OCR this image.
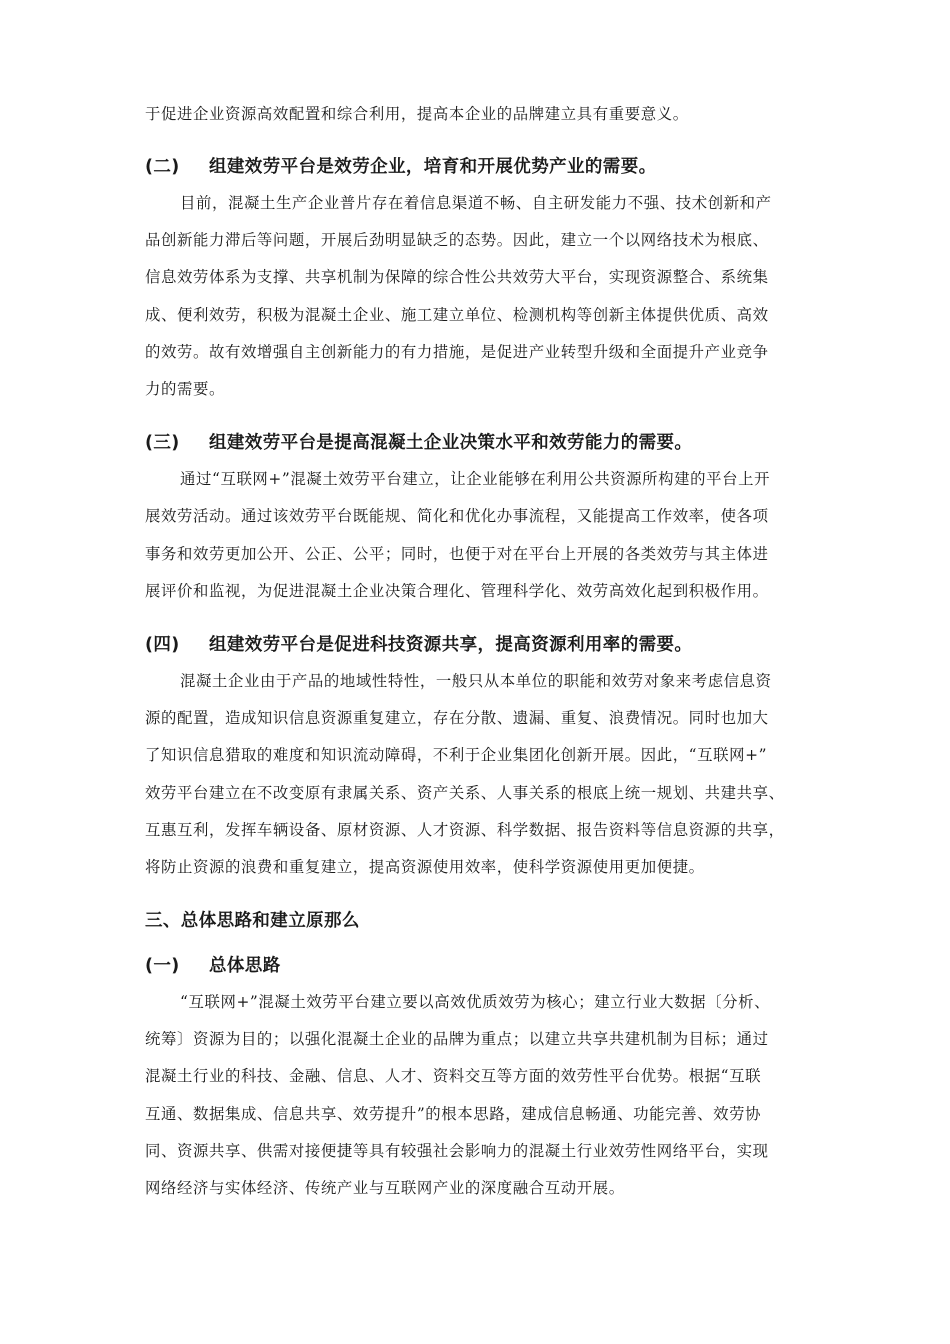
于促进企业资源高效配置和综合利用，提高本企业的品牌建立具有重要意义。
(二) 组建效劳平台是效劳企业，培育和开展优势产业的需要。
目前，混凝土生产企业普片存在着信息渠道不畅、自主研发能力不强、技术创新和产
品创新能力滞后等问题，开展后劲明显缺乏的态势。因此，建立一个以网络技术为根底、
信息效劳体系为支撑、共享机制为保障的综合性公共效劳大平台，实现资源整合、系统集
成、便利效劳，积极为混凝土企业、施工建立单位、检测机构等创新主体提供优质、高效
的效劳。故有效增强自主创新能力的有力措施，是促进产业转型升级和全面提升产业竞争
力的需要。
(三) 组建效劳平台是提高混凝土企业决策水平和效劳能力的需要。
通过“互联网+”混凝土效劳平台建立，让企业能够在利用公共资源所构建的平台上开
展效劳活动。通过该效劳平台既能规、简化和优化办事流程，又能提高工作效率，使各项
事务和效劳更加公开、公正、公平；同时，也便于对在平台上开展的各类效劳与其主体进
展评价和监视，为促进混凝土企业决策合理化、管理科学化、效劳高效化起到积极作用。
(四) 组建效劳平台是促进科技资源共享，提高资源利用率的需要。
混凝土企业由于产品的地域性特性，一般只从本单位的职能和效劳对象来考虑信息资
源的配置，造成知识信息资源重复建立，存在分散、遗漏、重复、浪费情况。同时也加大
了知识信息猎取的难度和知识流动障碍，不利于企业集团化创新开展。因此，“互联网+”
效劳平台建立在不改变原有隶属关系、资产关系、人事关系的根底上统一规划、共建共享、
互惠互利，发挥车辆设备、原材资源、人才资源、科学数据、报告资料等信息资源的共享，
将防止资源的浪费和重复建立，提高资源使用效率，使科学资源使用更加便捷。
三、总体思路和建立原那么
(一) 总体思路
“互联网+”混凝土效劳平台建立要以高效优质效劳为核心；建立行业大数据〔分析、
统筹〕资源为目的；以强化混凝土企业的品牌为重点；以建立共享共建机制为目标；通过
混凝土行业的科技、金融、信息、人才、资料交互等方面的效劳性平台优势。根据“互联
互通、数据集成、信息共享、效劳提升”的根本思路，建成信息畅通、功能完善、效劳协
同、资源共享、供需对接便捷等具有较强社会影响力的混凝土行业效劳性网络平台，实现
网络经济与实体经济、传统产业与互联网产业的深度融合互动开展。
